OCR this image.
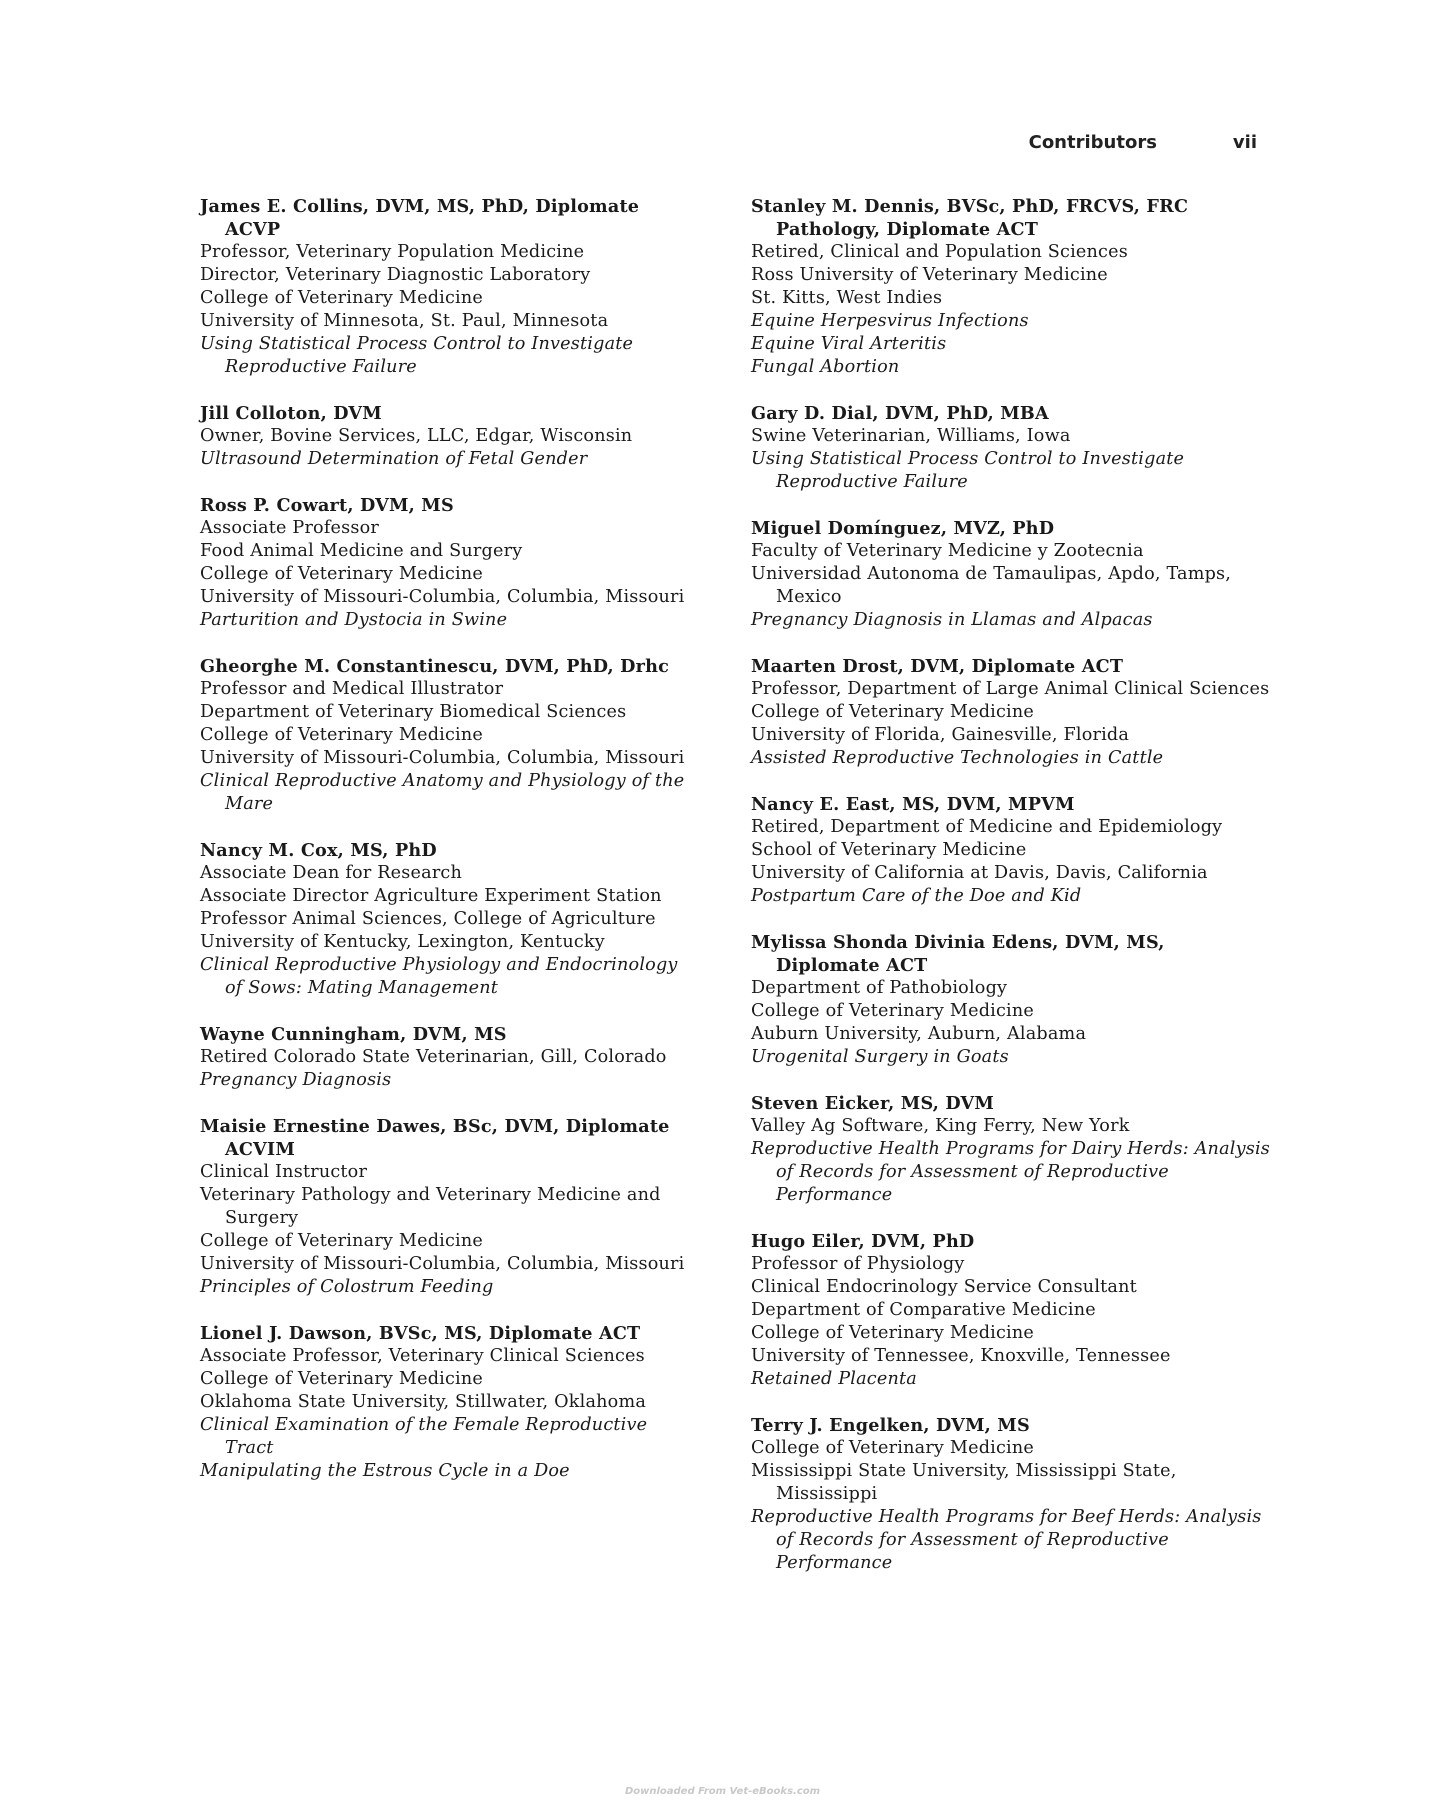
Contributors	vii
James E. Collins, DVM, MS, PhD, Diplomate ACVP
Professor, Veterinary Population Medicine
Director, Veterinary Diagnostic Laboratory
College of Veterinary Medicine
University of Minnesota, St. Paul, Minnesota
Using Statistical Process Control to Investigate Reproductive Failure
Jill Colloton, DVM
Owner, Bovine Services, LLC, Edgar, Wisconsin
Ultrasound Determination of Fetal Gender
Ross P. Cowart, DVM, MS
Associate Professor
Food Animal Medicine and Surgery
College of Veterinary Medicine
University of Missouri-Columbia, Columbia, Missouri
Parturition and Dystocia in Swine
Gheorghe M. Constantinescu, DVM, PhD, Drhc
Professor and Medical Illustrator
Department of Veterinary Biomedical Sciences
College of Veterinary Medicine
University of Missouri-Columbia, Columbia, Missouri
Clinical Reproductive Anatomy and Physiology of the Mare
Nancy M. Cox, MS, PhD
Associate Dean for Research
Associate Director Agriculture Experiment Station
Professor Animal Sciences, College of Agriculture
University of Kentucky, Lexington, Kentucky
Clinical Reproductive Physiology and Endocrinology of Sows: Mating Management
Wayne Cunningham, DVM, MS
Retired Colorado State Veterinarian, Gill, Colorado
Pregnancy Diagnosis
Maisie Ernestine Dawes, BSc, DVM, Diplomate ACVIM
Clinical Instructor
Veterinary Pathology and Veterinary Medicine and Surgery
College of Veterinary Medicine
University of Missouri-Columbia, Columbia, Missouri
Principles of Colostrum Feeding
Lionel J. Dawson, BVSc, MS, Diplomate ACT
Associate Professor, Veterinary Clinical Sciences
College of Veterinary Medicine
Oklahoma State University, Stillwater, Oklahoma
Clinical Examination of the Female Reproductive Tract
Manipulating the Estrous Cycle in a Doe
Stanley M. Dennis, BVSc, PhD, FRCVS, FRC Pathology, Diplomate ACT
Retired, Clinical and Population Sciences
Ross University of Veterinary Medicine
St. Kitts, West Indies
Equine Herpesvirus Infections
Equine Viral Arteritis
Fungal Abortion
Gary D. Dial, DVM, PhD, MBA
Swine Veterinarian, Williams, Iowa
Using Statistical Process Control to Investigate Reproductive Failure
Miguel Domínguez, MVZ, PhD
Faculty of Veterinary Medicine y Zootecnia
Universidad Autonoma de Tamaulipas, Apdo, Tamps, Mexico
Pregnancy Diagnosis in Llamas and Alpacas
Maarten Drost, DVM, Diplomate ACT
Professor, Department of Large Animal Clinical Sciences
College of Veterinary Medicine
University of Florida, Gainesville, Florida
Assisted Reproductive Technologies in Cattle
Nancy E. East, MS, DVM, MPVM
Retired, Department of Medicine and Epidemiology
School of Veterinary Medicine
University of California at Davis, Davis, California
Postpartum Care of the Doe and Kid
Mylissa Shonda Divinia Edens, DVM, MS, Diplomate ACT
Department of Pathobiology
College of Veterinary Medicine
Auburn University, Auburn, Alabama
Urogenital Surgery in Goats
Steven Eicker, MS, DVM
Valley Ag Software, King Ferry, New York
Reproductive Health Programs for Dairy Herds: Analysis of Records for Assessment of Reproductive Performance
Hugo Eiler, DVM, PhD
Professor of Physiology
Clinical Endocrinology Service Consultant
Department of Comparative Medicine
College of Veterinary Medicine
University of Tennessee, Knoxville, Tennessee
Retained Placenta
Terry J. Engelken, DVM, MS
College of Veterinary Medicine
Mississippi State University, Mississippi State, Mississippi
Reproductive Health Programs for Beef Herds: Analysis of Records for Assessment of Reproductive Performance
Downloaded From Vet-eBooks.com
